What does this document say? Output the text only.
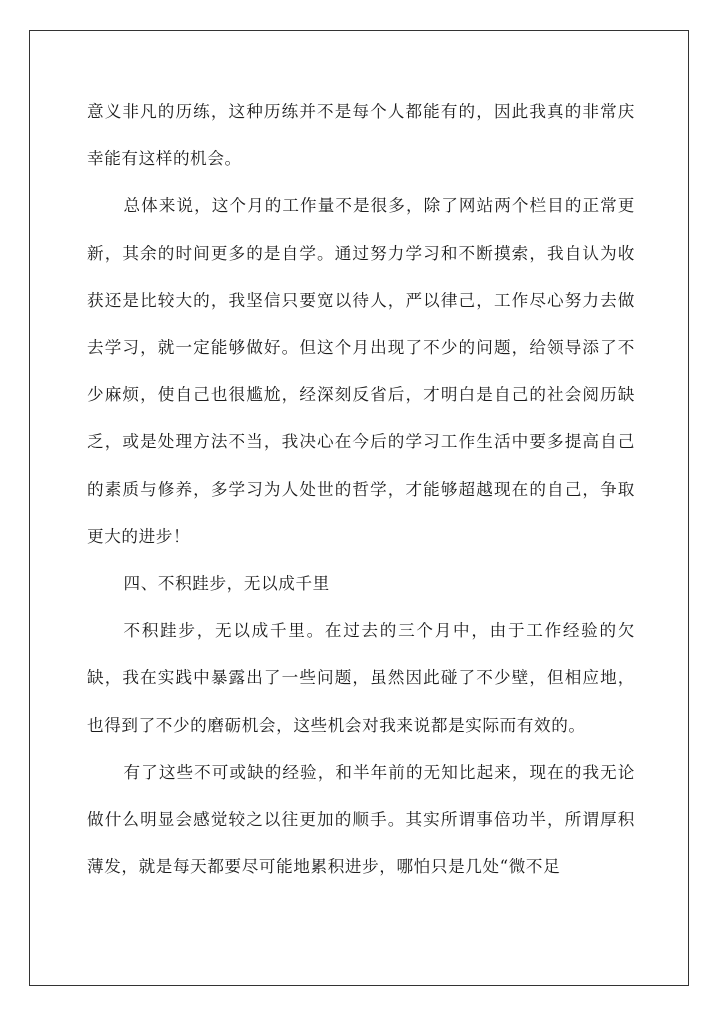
意义非凡的历练，这种历练并不是每个人都能有的，因此我真的非常庆幸能有这样的机会。

总体来说，这个月的工作量不是很多，除了网站两个栏目的正常更新，其余的时间更多的是自学。通过努力学习和不断摸索，我自认为收获还是比较大的，我坚信只要宽以待人，严以律己，工作尽心努力去做去学习，就一定能够做好。但这个月出现了不少的问题，给领导添了不少麻烦，使自己也很尴尬，经深刻反省后，才明白是自己的社会阅历缺乏，或是处理方法不当，我决心在今后的学习工作生活中要多提高自己的素质与修养，多学习为人处世的哲学，才能够超越现在的自己，争取更大的进步！

四、不积跬步，无以成千里

不积跬步，无以成千里。在过去的三个月中，由于工作经验的欠缺，我在实践中暴露出了一些问题，虽然因此碰了不少壁，但相应地，也得到了不少的磨砺机会，这些机会对我来说都是实际而有效的。

有了这些不可或缺的经验，和半年前的无知比起来，现在的我无论做什么明显会感觉较之以往更加的顺手。其实所谓事倍功半，所谓厚积薄发，就是每天都要尽可能地累积进步，哪怕只是几处“微不足
